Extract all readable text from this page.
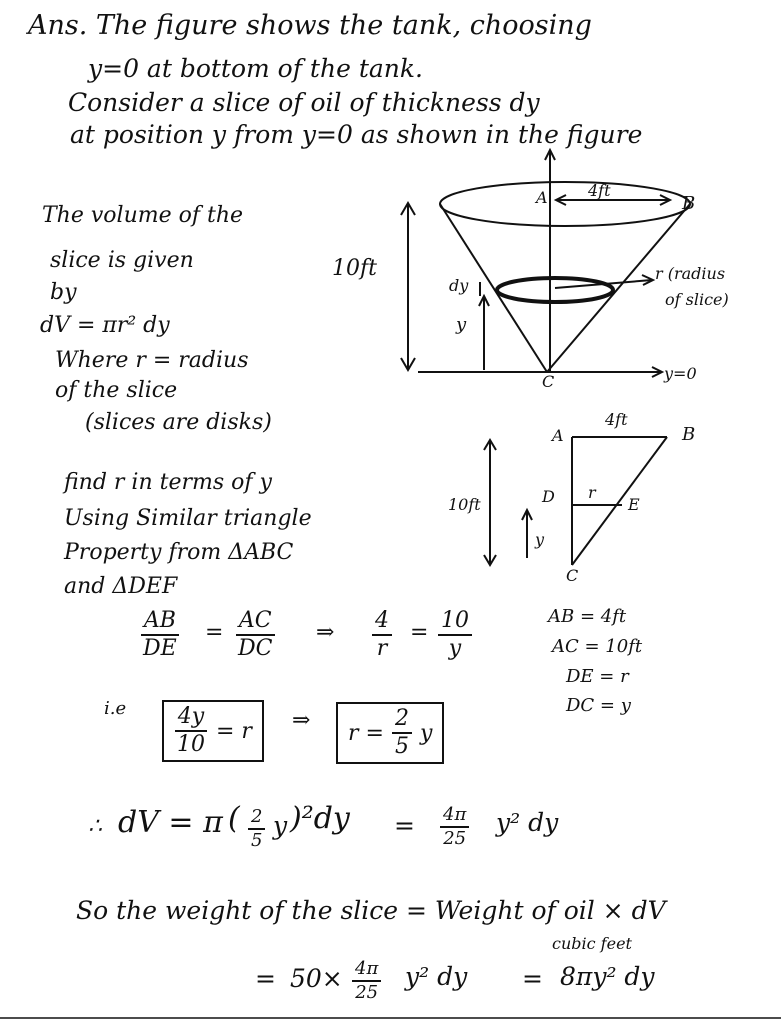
Ans. The figure shows the tank, choosing
y=0 at bottom of the tank.
Consider a slice of oil of thickness dy
at position y from y=0 as shown in the figure
The volume of the
slice is given
by
dV = πr² dy
Where r = radius
of the slice
(slices are disks)
A	4ft
B
10ft
dy
y
C
r (radius
of slice)
y=0
A
4ft
B
10ft	D r
E
y
C
find r in terms of y
Using Similar triangle
Property from ΔABC
and ΔDEF
$\frac{AB}{DE} = \frac{AC}{DC}$ ⇒ $\frac{4}{r} = \frac{10}{y}$	AB = 4ft
AC = 10ft
DE = r
DC = y
$i.e \frac{4y}{10} = r$ ⇒ $r = \frac{2}{5}$ y
∴ dV = π ( $\frac{2}{5}$ y )$^2dy = \frac{4\pi}{25} y^2$ dy
So the weight of the slice = Weight of oil × dV
cubic feet
= $50\times \frac{4\pi}{25} y^2$ dy = 8πy² dy
